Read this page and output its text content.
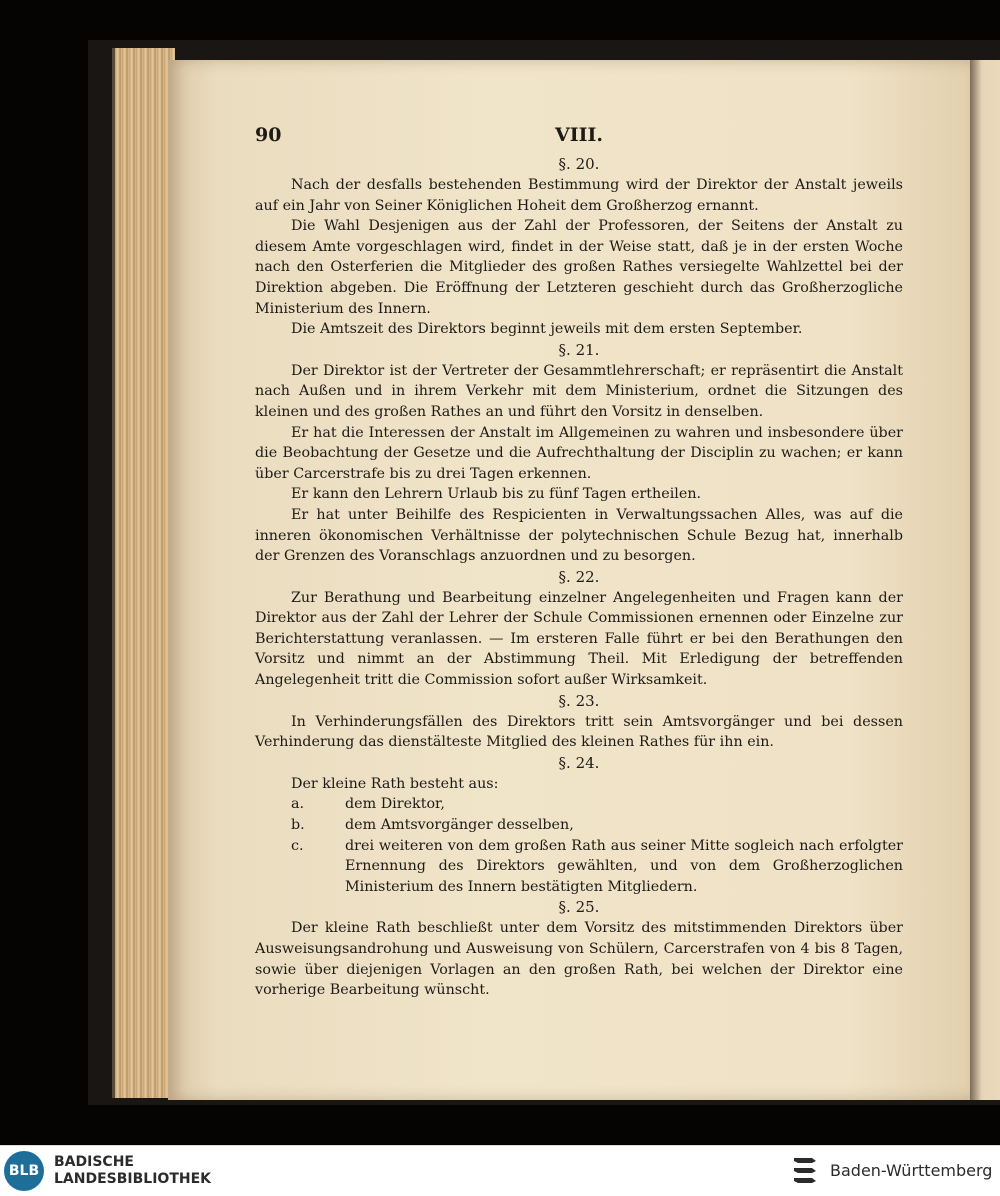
90	VIII.

§. 20.

Nach der desfalls bestehenden Bestimmung wird der Direktor der Anstalt jeweils auf ein Jahr von Seiner Königlichen Hoheit dem Großherzog ernannt.

Die Wahl Desjenigen aus der Zahl der Professoren, der Seitens der Anstalt zu diesem Amte vorgeschlagen wird, findet in der Weise statt, daß je in der ersten Woche nach den Osterferien die Mitglieder des großen Rathes versiegelte Wahlzettel bei der Direktion abgeben. Die Eröffnung der Letzteren geschieht durch das Großherzogliche Ministerium des Innern.

Die Amtszeit des Direktors beginnt jeweils mit dem ersten September.

§. 21.

Der Direktor ist der Vertreter der Gesammtlehrerschaft; er repräsentirt die Anstalt nach Außen und in ihrem Verkehr mit dem Ministerium, ordnet die Sitzungen des kleinen und des großen Rathes an und führt den Vorsitz in denselben.

Er hat die Interessen der Anstalt im Allgemeinen zu wahren und insbesondere über die Beobachtung der Gesetze und die Aufrechthaltung der Disciplin zu wachen; er kann über Carcerstrafe bis zu drei Tagen erkennen.

Er kann den Lehrern Urlaub bis zu fünf Tagen ertheilen.

Er hat unter Beihilfe des Respicienten in Verwaltungssachen Alles, was auf die inneren ökonomischen Verhältnisse der polytechnischen Schule Bezug hat, innerhalb der Grenzen des Voranschlags anzuordnen und zu besorgen.

§. 22.

Zur Berathung und Bearbeitung einzelner Angelegenheiten und Fragen kann der Direktor aus der Zahl der Lehrer der Schule Commissionen ernennen oder Einzelne zur Berichterstattung veranlassen. — Im ersteren Falle führt er bei den Berathungen den Vorsitz und nimmt an der Abstimmung Theil. Mit Erledigung der betreffenden Angelegenheit tritt die Commission sofort außer Wirksamkeit.

§. 23.

In Verhinderungsfällen des Direktors tritt sein Amtsvorgänger und bei dessen Verhinderung das dienstälteste Mitglied des kleinen Rathes für ihn ein.

§. 24.

Der kleine Rath besteht aus:

a.	dem Direktor,
b.	dem Amtsvorgänger desselben,
c.	drei weiteren von dem großen Rath aus seiner Mitte sogleich nach erfolgter Ernennung des Direktors gewählten, und von dem Großherzoglichen Ministerium des Innern bestätigten Mitgliedern.

§. 25.

Der kleine Rath beschließt unter dem Vorsitz des mitstimmenden Direktors über Ausweisungsandrohung und Ausweisung von Schülern, Carcerstrafen von 4 bis 8 Tagen, sowie über diejenigen Vorlagen an den großen Rath, bei welchen der Direktor eine vorherige Bearbeitung wünscht.

BLB
BADISCHE
LANDESBIBLIOTHEK	Baden-Württemberg
